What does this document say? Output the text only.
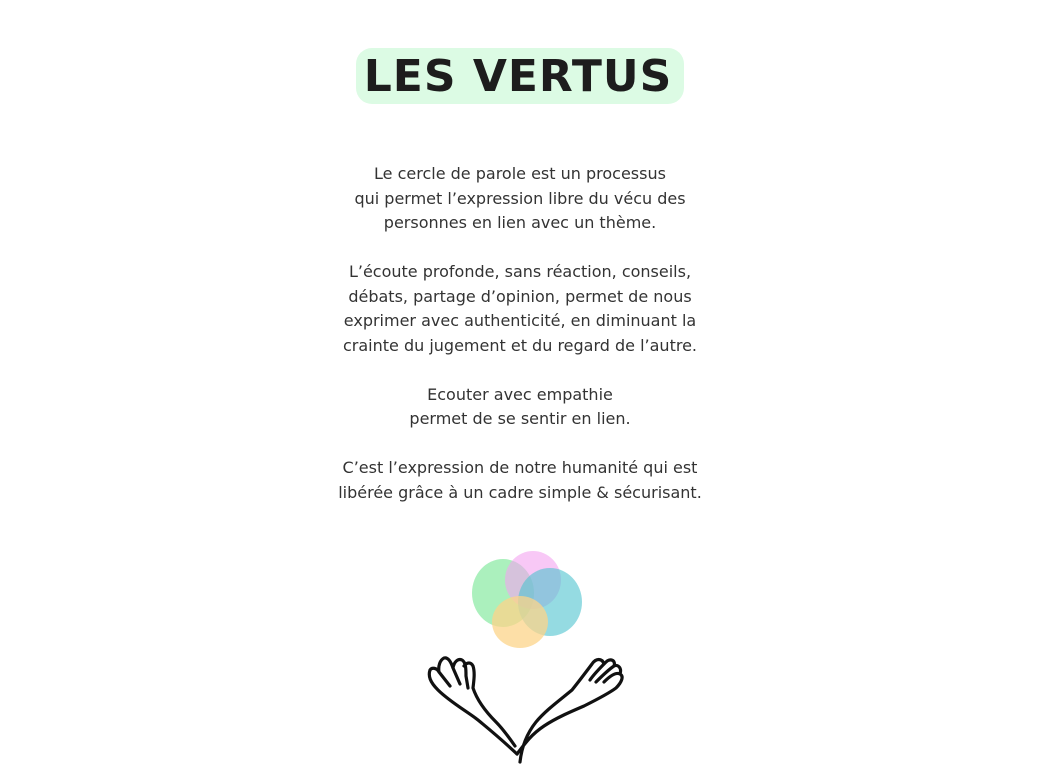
LES VERTUS

Le cercle de parole est un processus
qui permet l’expression libre du vécu des
personnes en lien avec un thème.

L’écoute profonde, sans réaction, conseils,
débats, partage d’opinion, permet de nous
exprimer avec authenticité, en diminuant la
crainte du jugement et du regard de l’autre.

Ecouter avec empathie
permet de se sentir en lien.

C’est l’expression de notre humanité qui est
libérée grâce à un cadre simple & sécurisant.
